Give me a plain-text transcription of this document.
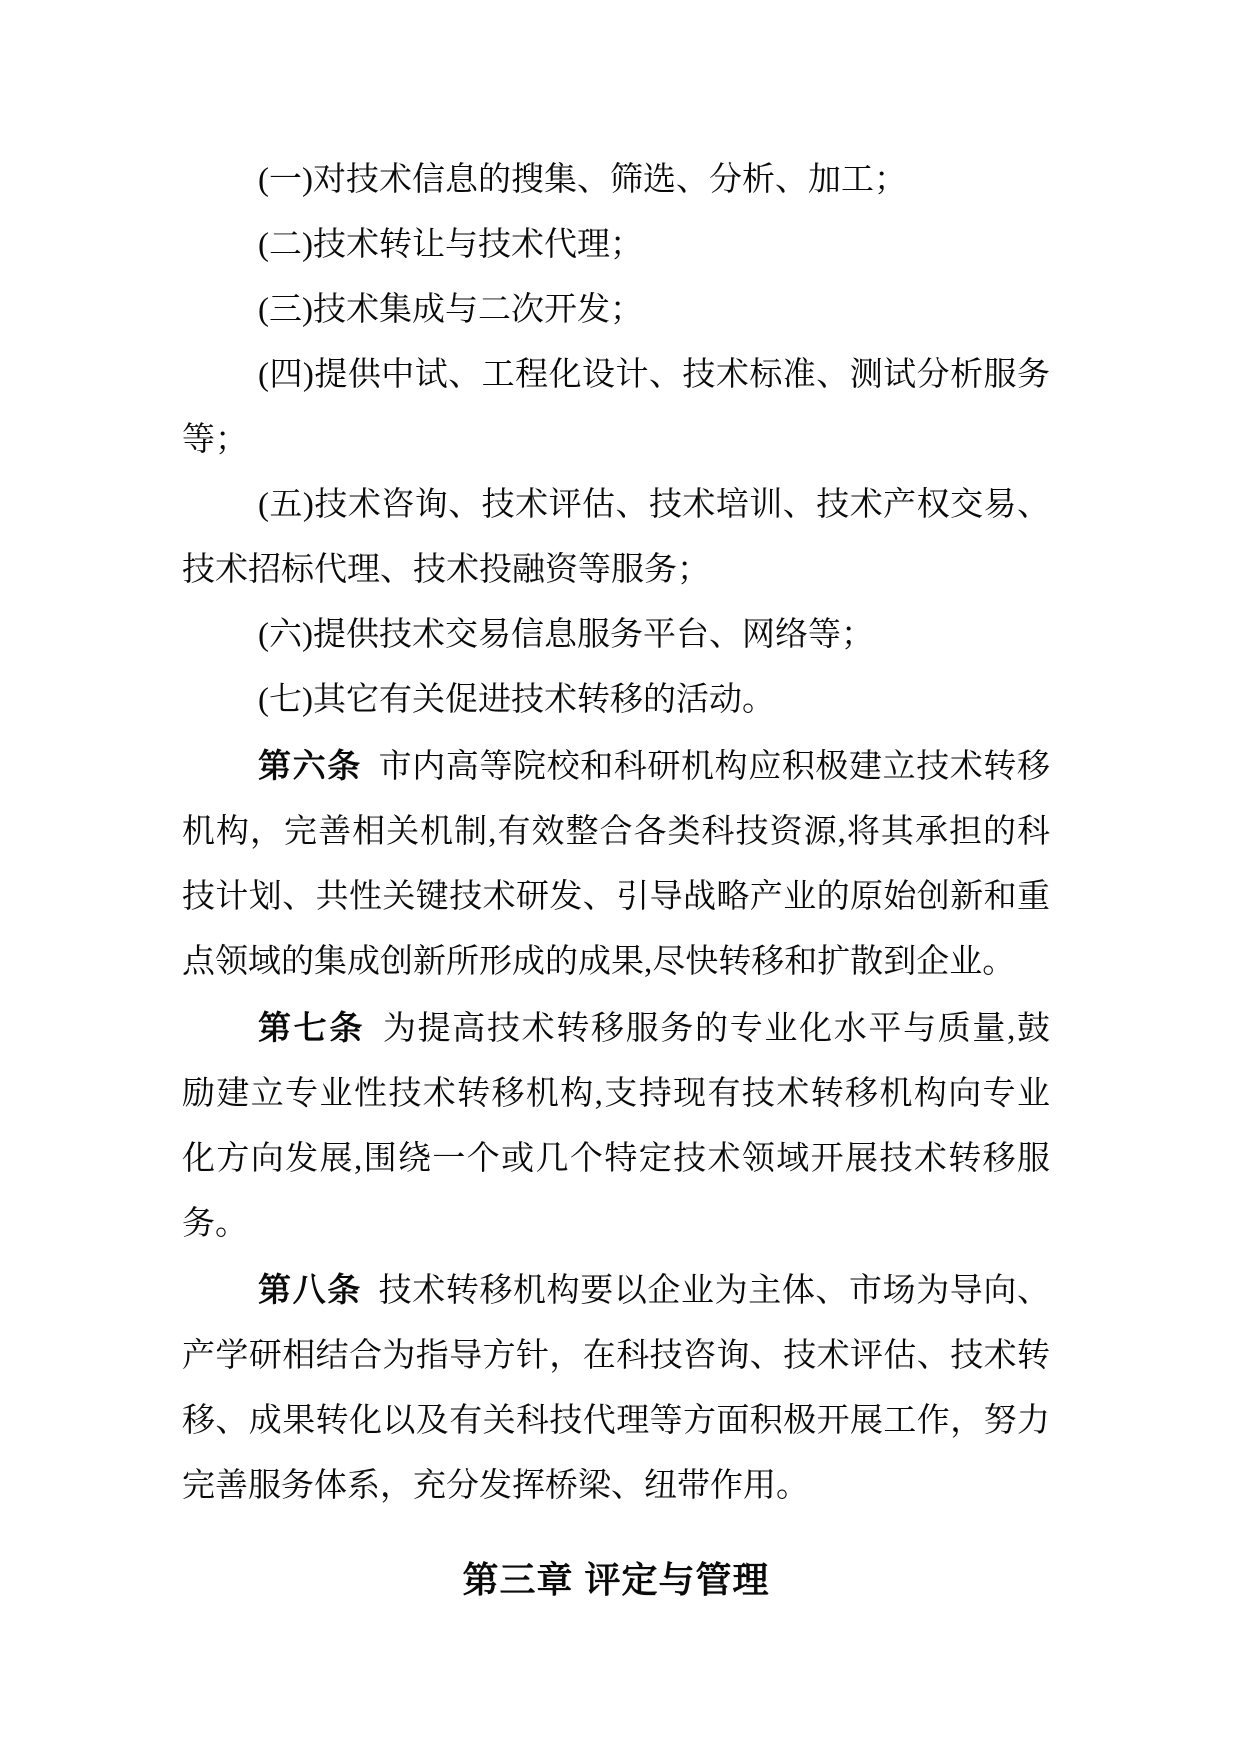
(一)对技术信息的搜集、筛选、分析、加工；
(二)技术转让与技术代理；
(三)技术集成与二次开发；
(四)提供中试、工程化设计、技术标准、测试分析服务
等；
(五)技术咨询、技术评估、技术培训、技术产权交易、
技术招标代理、技术投融资等服务；
(六)提供技术交易信息服务平台、网络等；
(七)其它有关促进技术转移的活动。
第六条 市内高等院校和科研机构应积极建立技术转移
机构，完善相关机制,有效整合各类科技资源,将其承担的科
技计划、共性关键技术研发、引导战略产业的原始创新和重
点领域的集成创新所形成的成果,尽快转移和扩散到企业。
第七条 为提高技术转移服务的专业化水平与质量,鼓
励建立专业性技术转移机构,支持现有技术转移机构向专业
化方向发展,围绕一个或几个特定技术领域开展技术转移服
务。
第八条 技术转移机构要以企业为主体、市场为导向、
产学研相结合为指导方针，在科技咨询、技术评估、技术转
移、成果转化以及有关科技代理等方面积极开展工作，努力
完善服务体系，充分发挥桥梁、纽带作用。
第三章 评定与管理
